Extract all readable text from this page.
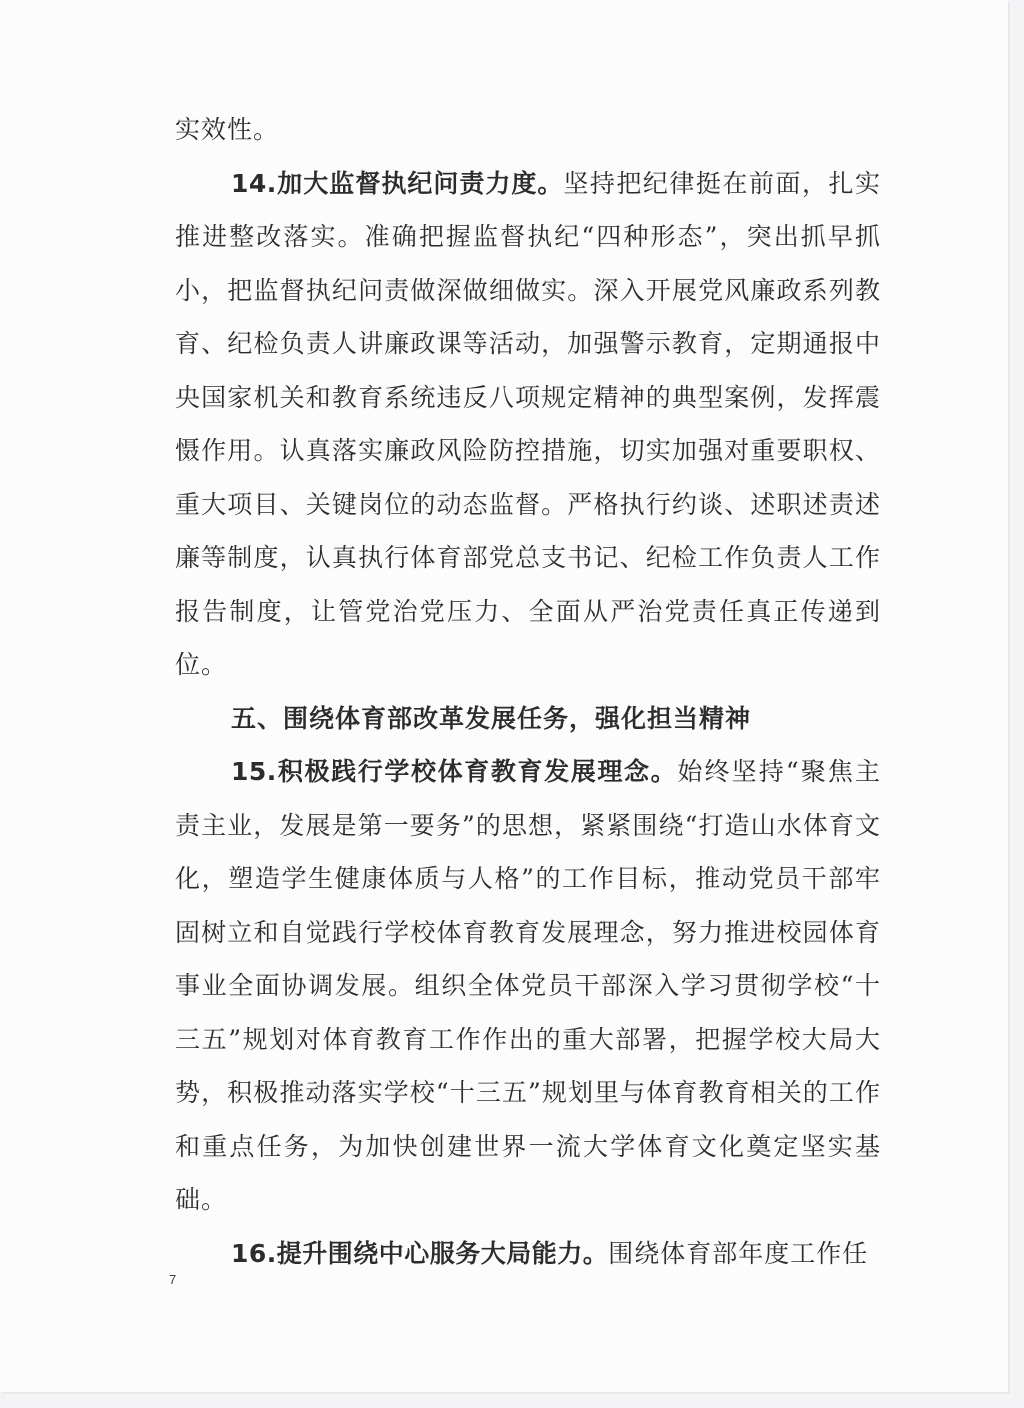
实效性。

14.加大监督执纪问责力度。坚持把纪律挺在前面，扎实推进整改落实。准确把握监督执纪“四种形态”，突出抓早抓小，把监督执纪问责做深做细做实。深入开展党风廉政系列教育、纪检负责人讲廉政课等活动，加强警示教育，定期通报中央国家机关和教育系统违反八项规定精神的典型案例，发挥震慑作用。认真落实廉政风险防控措施，切实加强对重要职权、重大项目、关键岗位的动态监督。严格执行约谈、述职述责述廉等制度，认真执行体育部党总支书记、纪检工作负责人工作报告制度，让管党治党压力、全面从严治党责任真正传递到位。

五、围绕体育部改革发展任务，强化担当精神

15.积极践行学校体育教育发展理念。始终坚持“聚焦主责主业，发展是第一要务”的思想，紧紧围绕“打造山水体育文化，塑造学生健康体质与人格”的工作目标，推动党员干部牢固树立和自觉践行学校体育教育发展理念，努力推进校园体育事业全面协调发展。组织全体党员干部深入学习贯彻学校“十三五”规划对体育教育工作作出的重大部署，把握学校大局大势，积极推动落实学校“十三五”规划里与体育教育相关的工作和重点任务，为加快创建世界一流大学体育文化奠定坚实基础。

16.提升围绕中心服务大局能力。围绕体育部年度工作任

7
